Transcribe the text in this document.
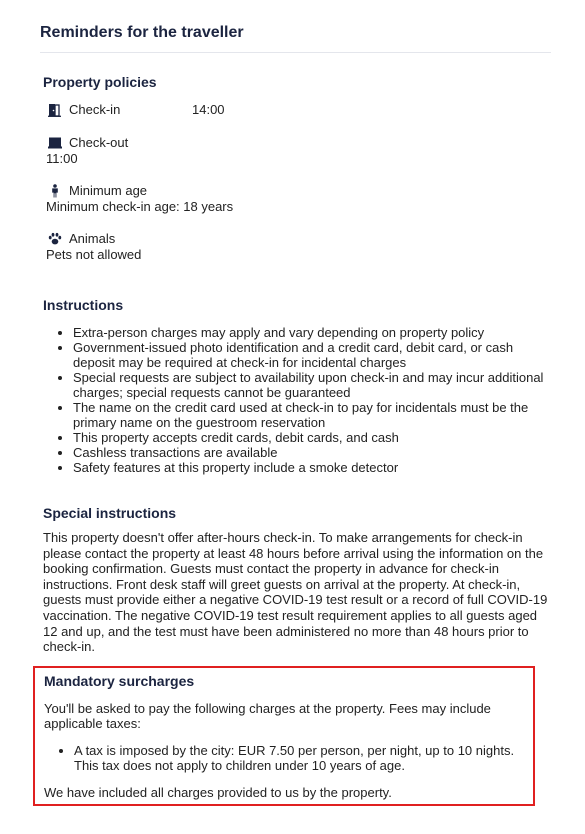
Reminders for the traveller
Property policies
Check-in	14:00
Check-out
11:00
Minimum age
Minimum check-in age: 18 years
Animals
Pets not allowed
Instructions
• Extra-person charges may apply and vary depending on property policy
• Government-issued photo identification and a credit card, debit card, or cash deposit may be required at check-in for incidental charges
• Special requests are subject to availability upon check-in and may incur additional charges; special requests cannot be guaranteed
• The name on the credit card used at check-in to pay for incidentals must be the primary name on the guestroom reservation
• This property accepts credit cards, debit cards, and cash
• Cashless transactions are available
• Safety features at this property include a smoke detector
Special instructions

This property doesn't offer after-hours check-in. To make arrangements for check-in please contact the property at least 48 hours before arrival using the information on the booking confirmation. Guests must contact the property in advance for check-in instructions. Front desk staff will greet guests on arrival at the property. At check-in, guests must provide either a negative COVID-19 test result or a record of full COVID-19 vaccination. The negative COVID-19 test result requirement applies to all guests aged 12 and up, and the test must have been administered no more than 48 hours prior to check-in.

Mandatory surcharges

You'll be asked to pay the following charges at the property. Fees may include applicable taxes:

• A tax is imposed by the city: EUR 7.50 per person, per night, up to 10 nights. This tax does not apply to children under 10 years of age.

We have included all charges provided to us by the property.
